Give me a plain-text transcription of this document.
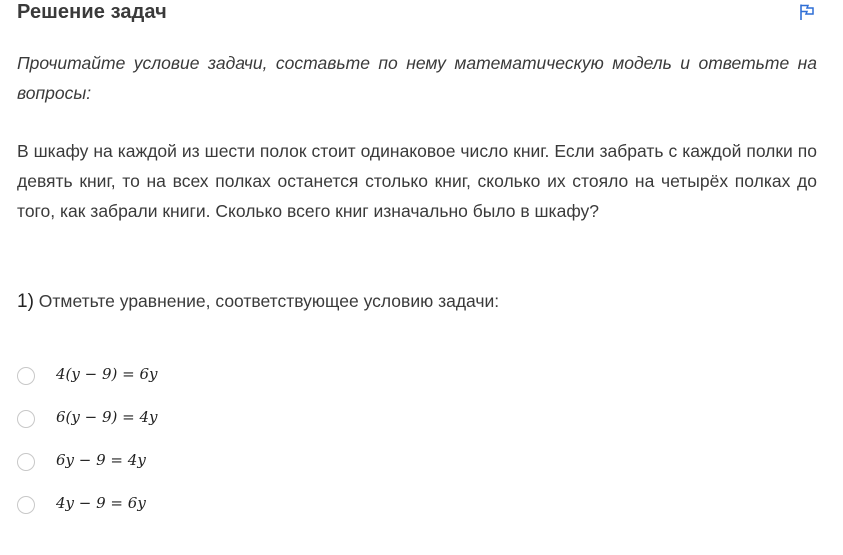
Решение задач
Прочитайте условие задачи, составьте по нему математическую модель и ответьте на вопросы:
В шкафу на каждой из шести полок стоит одинаковое число книг. Если забрать с каждой полки по девять книг, то на всех полках останется столько книг, сколько их стояло на четырёх полках до того, как забрали книги. Сколько всего книг изначально было в шкафу?
1) Отметьте уравнение, соответствующее условию задачи:
4(y − 9) = 6y
6(y − 9) = 4y
6y − 9 = 4y
4y − 9 = 6y
